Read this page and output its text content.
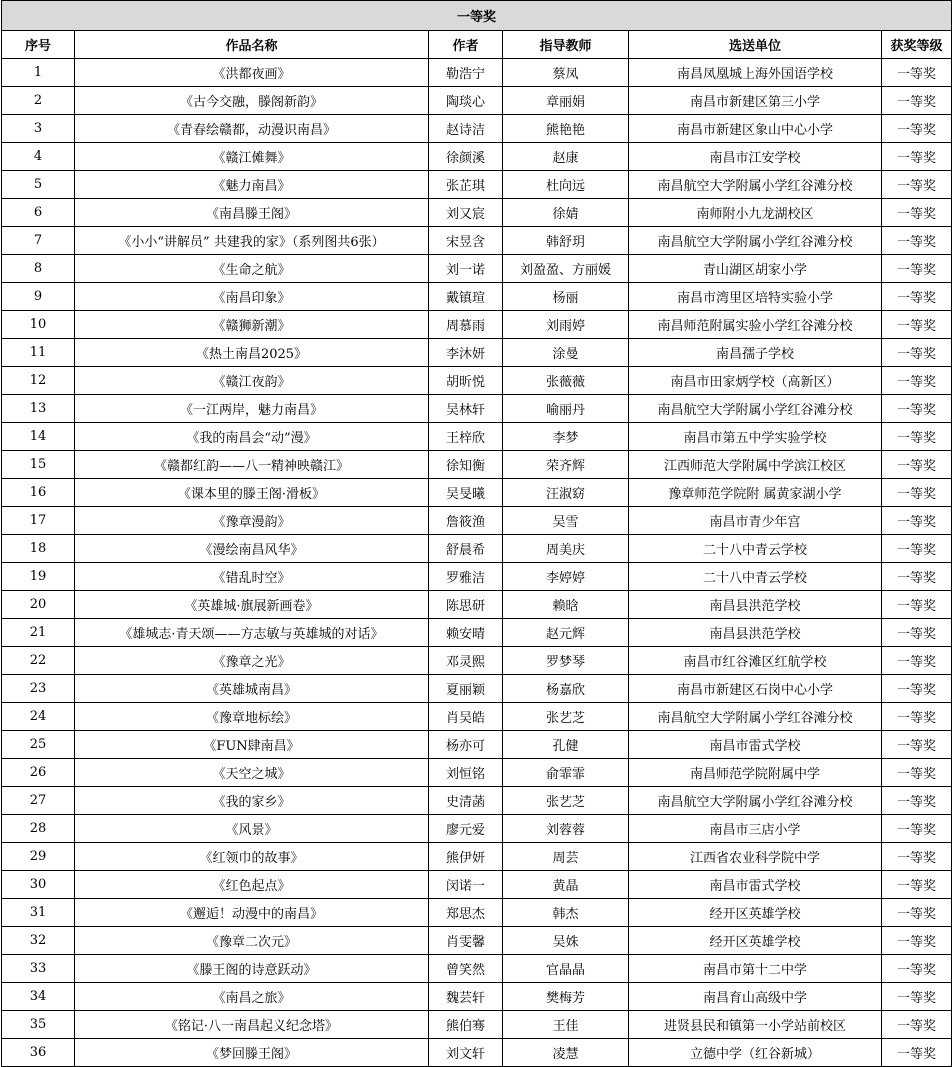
一等奖					
序号	作品名称	作者	指导教师	选送单位	获奖等级
1	《洪都夜画》	勒浩宁	蔡凤	南昌凤凰城上海外国语学校	一等奖
2	《古今交融，滕阁新韵》	陶琰心	章丽娟	南昌市新建区第三小学	一等奖
3	《青春绘赣都，动漫识南昌》	赵诗洁	熊艳艳	南昌市新建区象山中心小学	一等奖
4	《赣江傩舞》	徐颜溪	赵康	南昌市江安学校	一等奖
5	《魅力南昌》	张芷琪	杜向远	南昌航空大学附属小学红谷滩分校	一等奖
6	《南昌滕王阁》	刘又宸	徐婧	南师附小九龙湖校区	一等奖
7	《小小“讲解员” 共建我的家》（系列图共6张）	宋昱含	韩舒玥	南昌航空大学附属小学红谷滩分校	一等奖
8	《生命之航》	刘一诺	刘盈盈、方丽媛	青山湖区胡家小学	一等奖
9	《南昌印象》	戴镇瑄	杨丽	南昌市湾里区培特实验小学	一等奖
10	《赣狮新潮》	周慕雨	刘雨婷	南昌师范附属实验小学红谷滩分校	一等奖
11	《热土南昌2025》	李沐妍	涂曼	南昌孺子学校	一等奖
12	《赣江夜韵》	胡昕悦	张薇薇	南昌市田家炳学校（高新区）	一等奖
13	《一江两岸，魅力南昌》	吴林轩	喻丽丹	南昌航空大学附属小学红谷滩分校	一等奖
14	《我的南昌会“动”漫》	王梓欣	李梦	南昌市第五中学实验学校	一等奖
15	《赣都红韵——八一精神映赣江》	徐知衡	荣齐辉	江西师范大学附属中学滨江校区	一等奖
16	《课本里的滕王阁·滑板》	吴旻曦	汪淑窈	豫章师范学院附 属黄家湖小学	一等奖
17	《豫章漫韵》	詹筱渔	吴雪	南昌市青少年宫	一等奖
18	《漫绘南昌风华》	舒晨希	周美庆	二十八中青云学校	一等奖
19	《错乱时空》	罗雅洁	李婷婷	二十八中青云学校	一等奖
20	《英雄城·旗展新画卷》	陈思研	赖晗	南昌县洪范学校	一等奖
21	《雄城志·青天颂——方志敏与英雄城的对话》	赖安晴	赵元辉	南昌县洪范学校	一等奖
22	《豫章之光》	邓灵熙	罗梦琴	南昌市红谷滩区红航学校	一等奖
23	《英雄城南昌》	夏丽颖	杨嘉欣	南昌市新建区石岗中心小学	一等奖
24	《豫章地标绘》	肖吴皓	张艺芝	南昌航空大学附属小学红谷滩分校	一等奖
25	《FUN肆南昌》	杨亦可	孔健	南昌市雷式学校	一等奖
26	《天空之城》	刘恒铭	俞霏霏	南昌师范学院附属中学	一等奖
27	《我的家乡》	史清菡	张艺芝	南昌航空大学附属小学红谷滩分校	一等奖
28	《风景》	廖元爱	刘蓉蓉	南昌市三店小学	一等奖
29	《红领巾的故事》	熊伊妍	周芸	江西省农业科学院中学	一等奖
30	《红色起点》	闵诺一	黄晶	南昌市雷式学校	一等奖
31	《邂逅！动漫中的南昌》	郑思杰	韩杰	经开区英雄学校	一等奖
32	《豫章二次元》	肖雯馨	吴姝	经开区英雄学校	一等奖
33	《滕王阁的诗意跃动》	曾笑然	官晶晶	南昌市第十二中学	一等奖
34	《南昌之旅》	魏芸轩	樊梅芳	南昌育山高级中学	一等奖
35	《铭记·八一南昌起义纪念塔》	熊伯骞	王佳	进贤县民和镇第一小学站前校区	一等奖
36	《梦回滕王阁》	刘文轩	凌慧	立德中学（红谷新城）	一等奖
